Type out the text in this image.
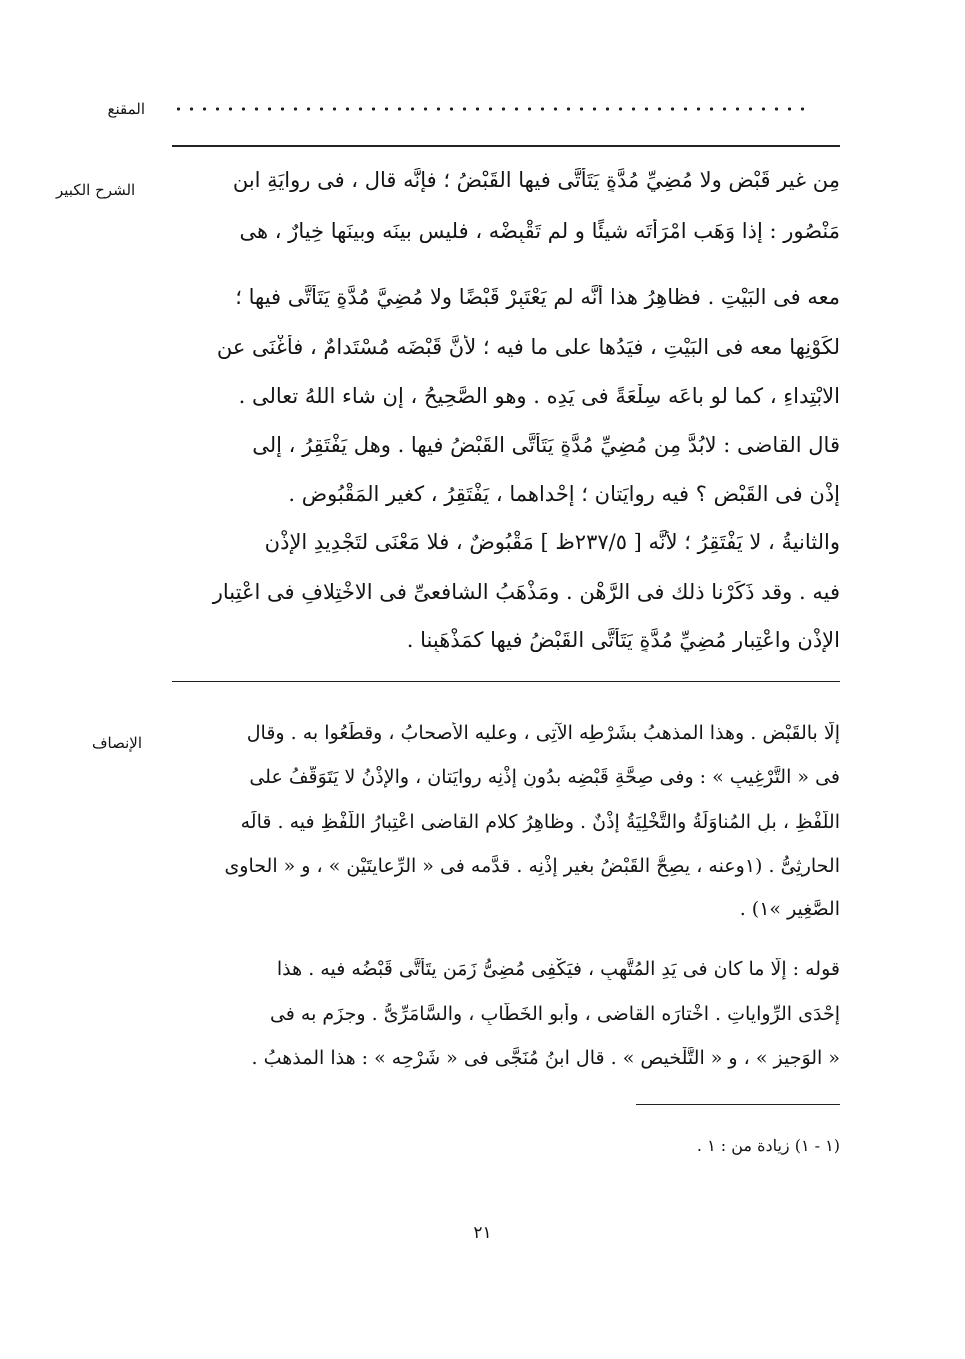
المقنع
الشرح الكبير
الإنصاف
مِن غيرِ قَبْضٍ ولا مُضِيِّ مُدَّةٍ يَتَأَتَّى فيها القَبْضُ ؛ فإنَّه قال ، فى رِوايَةِ ابنِ
مَنْصُورٍ : إذا وَهَب امْرَأَتَه شيئًا و لم تَقْبِضْه ، فليس بينَه وبينَها خِيارٌ ، هى
معه فى البَيْتِ . فظاهِرُ هذا أنَّه لم يَعْتَبِرْ قَبْضًا ولا مُضِيَّ مُدَّةٍ يَتَأَتَّى فيها ؛
لكَوْنِها معه فى البَيْتِ ، فيَدُها على ما فيه ؛ لأَنَّ قَبْضَه مُسْتَدامٌ ، فأَغْنَى عن
الابْتِداءِ ، كما لو باعَه سِلْعَةً فى يَدِه . وهو الصَّحِيحُ ، إن شاء اللهُ تعالى .
قال القاضى : لابُدَّ مِن مُضِيِّ مُدَّةٍ يَتَأَتَّى القَبْضُ فيها . وهل يَفْتَقِرُ ، إلى
إذْنٍ فى القَبْضِ ؟ فيه رِوايَتان ؛ إحْداهما ، يَفْتَقِرُ ، كغيرِ المَقْبُوضِ .
والثانيةُ ، لا يَفْتَقِرُ ؛ لأنَّه [ ٢٣٧/٥ظ ] مَقْبُوضٌ ، فلا مَعْنَى لتَجْدِيدِ الإِذْنِ
فيه . وقد ذَكَرْنا ذلك فى الرَّهْنِ . ومَذْهَبُ الشافعىِّ فى الاخْتِلافِ فى اعْتِبارِ
الإِذْنِ واعْتِبارِ مُضِيِّ مُدَّةٍ يَتَأَتَّى القَبْضُ فيها كمَذْهَبِنا .
إلَّا بالقَبْضِ . وهذا المذهبُ بشَرْطِه الآتِى ، وعليه الأصحابُ ، وقطَعُوا به . وقال
فى « التَّرْغِيبِ » : وفى صِحَّةِ قَبْضِه بدُونِ إذْنِه رِوايَتان ، والإِذْنُ لا يَتَوَقَّفُ على
اللَّفْظِ ، بلِ المُناوَلَةُ والتَّخْلِيَةُ إذْنٌ . وظاهِرُ كلامِ القاضى اعْتِبارُ اللَّفْظِ فيه . قالَه
الحارِثِىُّ . (١وعنه ، يصِحُّ القَبْضُ بغيرِ إذْنِه . قدَّمه فى « الرِّعايتَيْن » ، و « الحاوِى
الصَّغِيرِ »١) .
قوله : إلَّا ما كان فى يَدِ المُتَّهِبِ ، فيَكْفِى مُضِىُّ زَمَنٍ يتَأَتَّى قَبْضُه فيه . هذا
إحْدَى الرِّواياتِ . اخْتارَه القاضى ، وأبو الخَطَّابِ ، والسَّامَرِّىُّ . وجزَم به فى
« الوَجيزِ » ، و « التَّلْخيصِ » . قال ابنُ مُنَجَّى فى « شَرْحِه » : هذا المذهبُ .
(١ - ١) زيادة من : ١ .
٢١
